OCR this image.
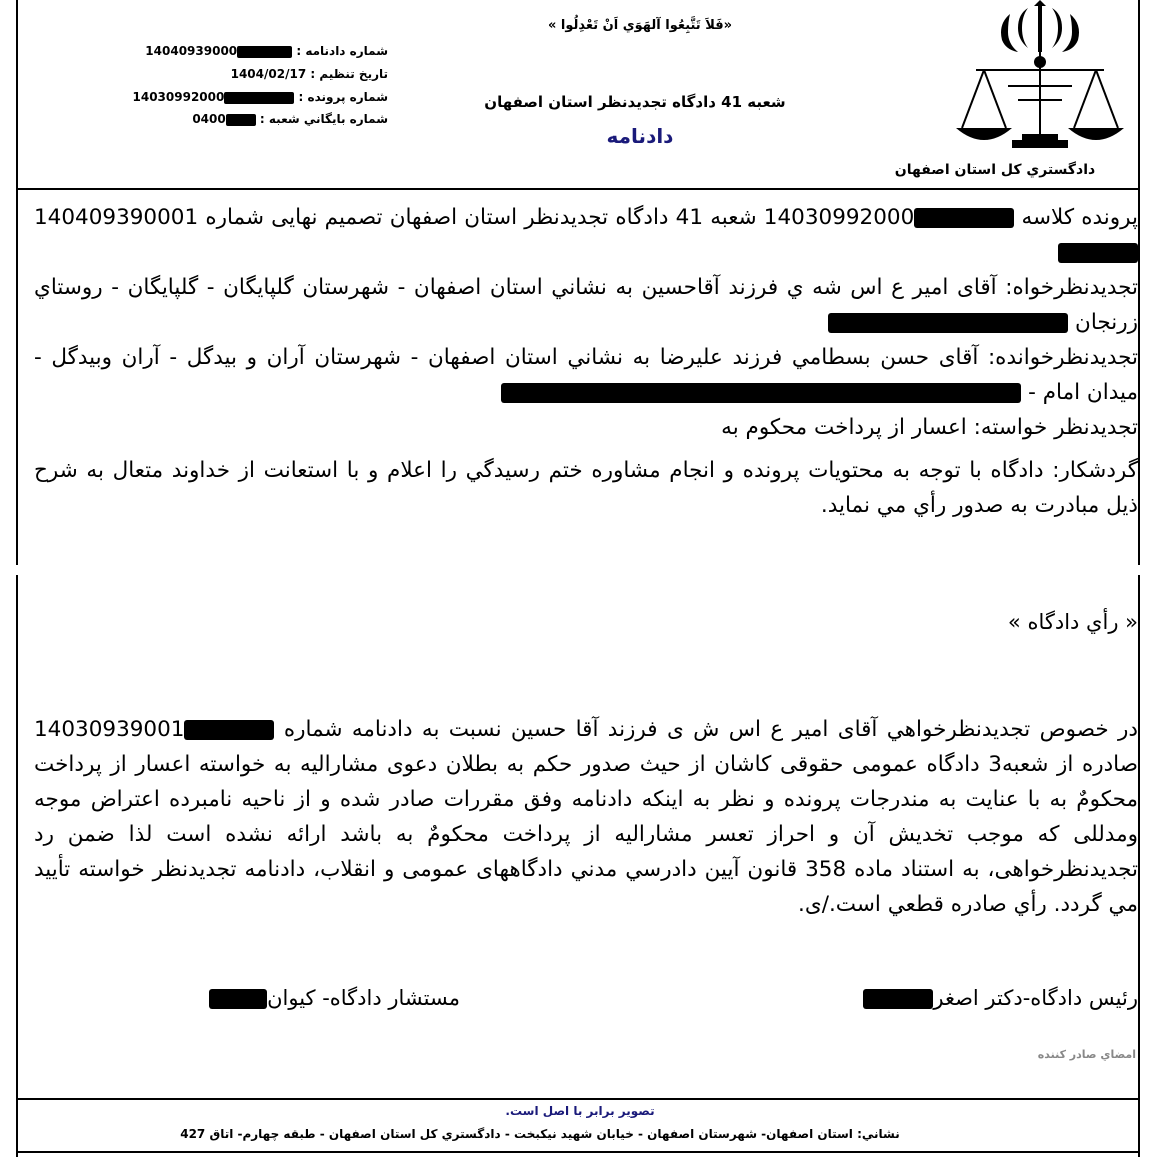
دادگستري كل استان اصفهان
«فَلاَ تَتَّبِعُوا آلهَوَي اَنْ تَعْدِلُوا »
شعبه 41 دادگاه تجدیدنظر استان اصفهان
دادنامه
شماره دادنامه : 14040939000
تاريخ تنظيم : 1404/02/17
شماره پرونده : 14030992000
شماره بايگاني شعبه : 0400

پرونده كلاسه 14030992000 شعبه 41 دادگاه تجدیدنظر استان اصفهان تصميم نهايی شماره 140409390001

تجدیدنظرخواه: آقای امیر ع اس شه ي فرزند آقاحسين به نشاني استان اصفهان - شهرستان گلپايگان - گلپايگان - روستاي زرنجان

تجدیدنظرخوانده: آقای حسن بسطامي فرزند عليرضا به نشاني استان اصفهان - شهرستان آران و بيدگل - آران وبيدگل - ميدان امام -

تجدیدنظر خواسته: اعسار از پرداخت محكوم به

گردشكار: دادگاه با توجه به محتويات پرونده و انجام مشاوره ختم رسيدگي را اعلام و با استعانت از خداوند متعال به شرح ذيل مبادرت به صدور رأي مي نمايد.

« رأي دادگاه »

در خصوص تجديدنظرخواهي آقای امير ع اس ش ى فرزند آقا حسين نسبت به دادنامه شماره 14030939001 صادره از شعبه3 دادگاه عمومی حقوقی كاشان از حيث صدور حكم به بطلان دعوی مشاراليه به خواسته اعسار از پرداخت محكومٌ به با عنايت به مندرجات پرونده و نظر به اينكه دادنامه وفق مقررات صادر شده و از ناحيه نامبرده اعتراض موجه ومدللی كه موجب تخديش آن و احراز تعسر مشاراليه از پرداخت محكومٌ به باشد ارائه نشده است لذا ضمن رد تجديدنظرخواهی، به استناد ماده 358 قانون آيين دادرسي مدني دادگاههای عمومی و انقلاب، دادنامه تجدیدنظر خواسته تأیید مي گردد. رأي صادره قطعي است./ى.

رئيس دادگاه-دكتر اصغر
مستشار دادگاه- كيوان
امضاي صادر كننده
تصوير برابر با اصل است.
نشاني: استان اصفهان- شهرستان اصفهان - خيابان شهيد نيكبخت - دادگستري كل استان اصفهان - طبقه چهارم- اتاق 427
